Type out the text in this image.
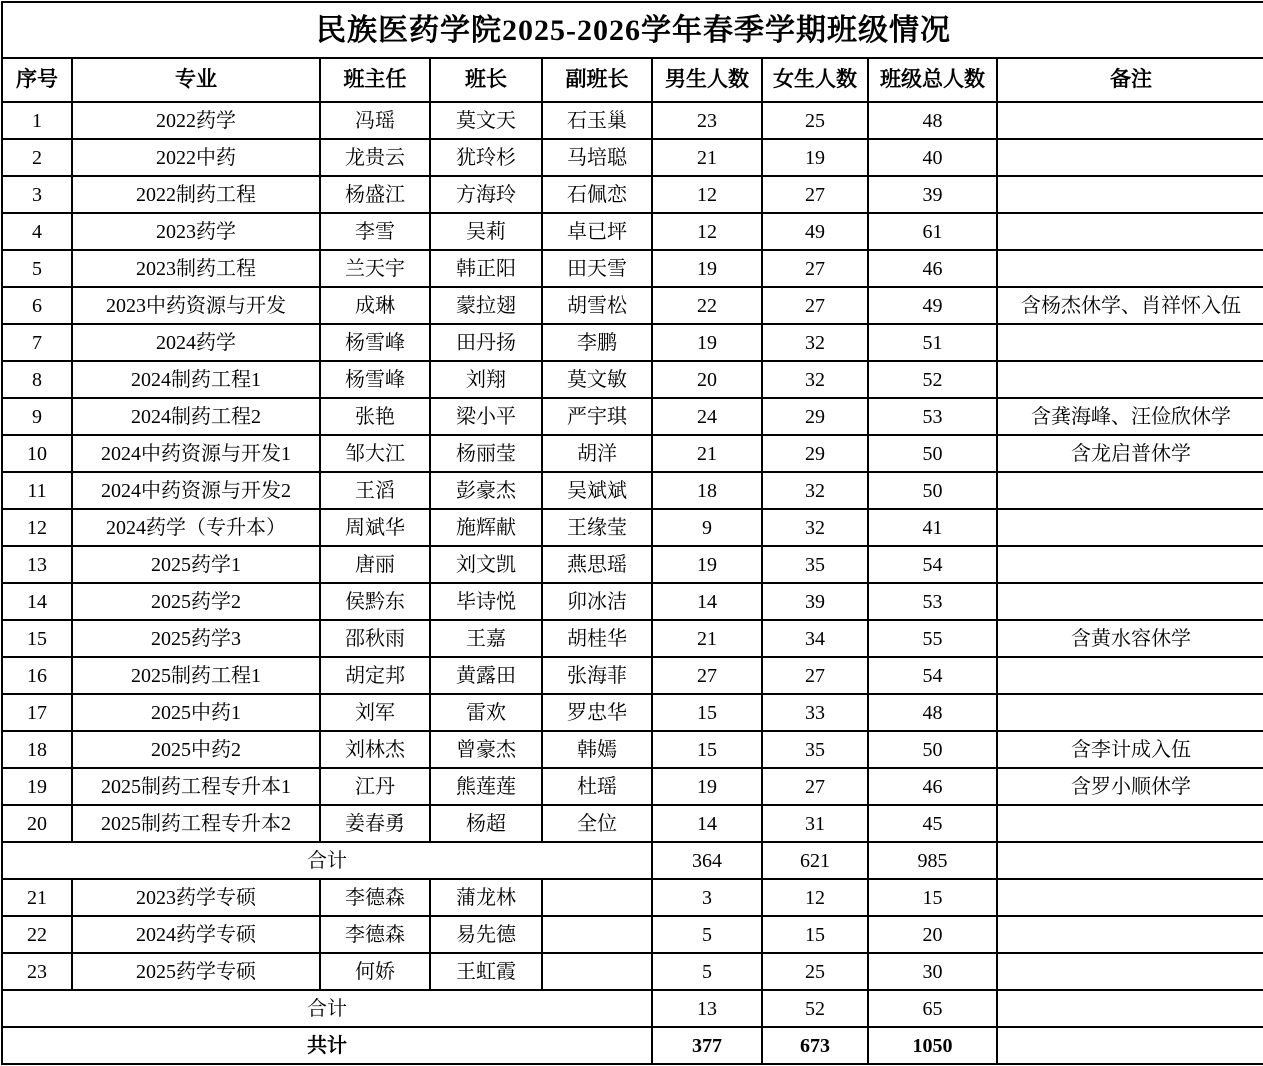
民族医药学院2025-2026学年春季学期班级情况								
序号	专业	班主任	班长	副班长	男生人数	女生人数	班级总人数	备注
1	2022药学	冯瑶	莫文天	石玉巢	23	25	48	
2	2022中药	龙贵云	犹玲杉	马培聪	21	19	40	
3	2022制药工程	杨盛江	方海玲	石佩恋	12	27	39	
4	2023药学	李雪	吴莉	卓已坪	12	49	61	
5	2023制药工程	兰天宇	韩正阳	田天雪	19	27	46	
6	2023中药资源与开发	成琳	蒙拉翅	胡雪松	22	27	49	含杨杰休学、肖祥怀入伍
7	2024药学	杨雪峰	田丹扬	李鹏	19	32	51	
8	2024制药工程1	杨雪峰	刘翔	莫文敏	20	32	52	
9	2024制药工程2	张艳	梁小平	严宇琪	24	29	53	含龚海峰、汪俭欣休学
10	2024中药资源与开发1	邹大江	杨丽莹	胡洋	21	29	50	含龙启普休学
11	2024中药资源与开发2	王滔	彭豪杰	吴斌斌	18	32	50	
12	2024药学（专升本）	周斌华	施辉献	王缘莹	9	32	41	
13	2025药学1	唐丽	刘文凯	燕思瑶	19	35	54	
14	2025药学2	侯黔东	毕诗悦	卯冰洁	14	39	53	
15	2025药学3	邵秋雨	王嘉	胡桂华	21	34	55	含黄水容休学
16	2025制药工程1	胡定邦	黄露田	张海菲	27	27	54	
17	2025中药1	刘军	雷欢	罗忠华	15	33	48	
18	2025中药2	刘林杰	曾豪杰	韩嫣	15	35	50	含李计成入伍
19	2025制药工程专升本1	江丹	熊莲莲	杜瑶	19	27	46	含罗小顺休学
20	2025制药工程专升本2	姜春勇	杨超	全位	14	31	45	
合计					364	621	985	
21	2023药学专硕	李德森	蒲龙林		3	12	15	
22	2024药学专硕	李德森	易先德		5	15	20	
23	2025药学专硕	何娇	王虹霞		5	25	30	
合计					13	52	65	
共计					377	673	1050	
